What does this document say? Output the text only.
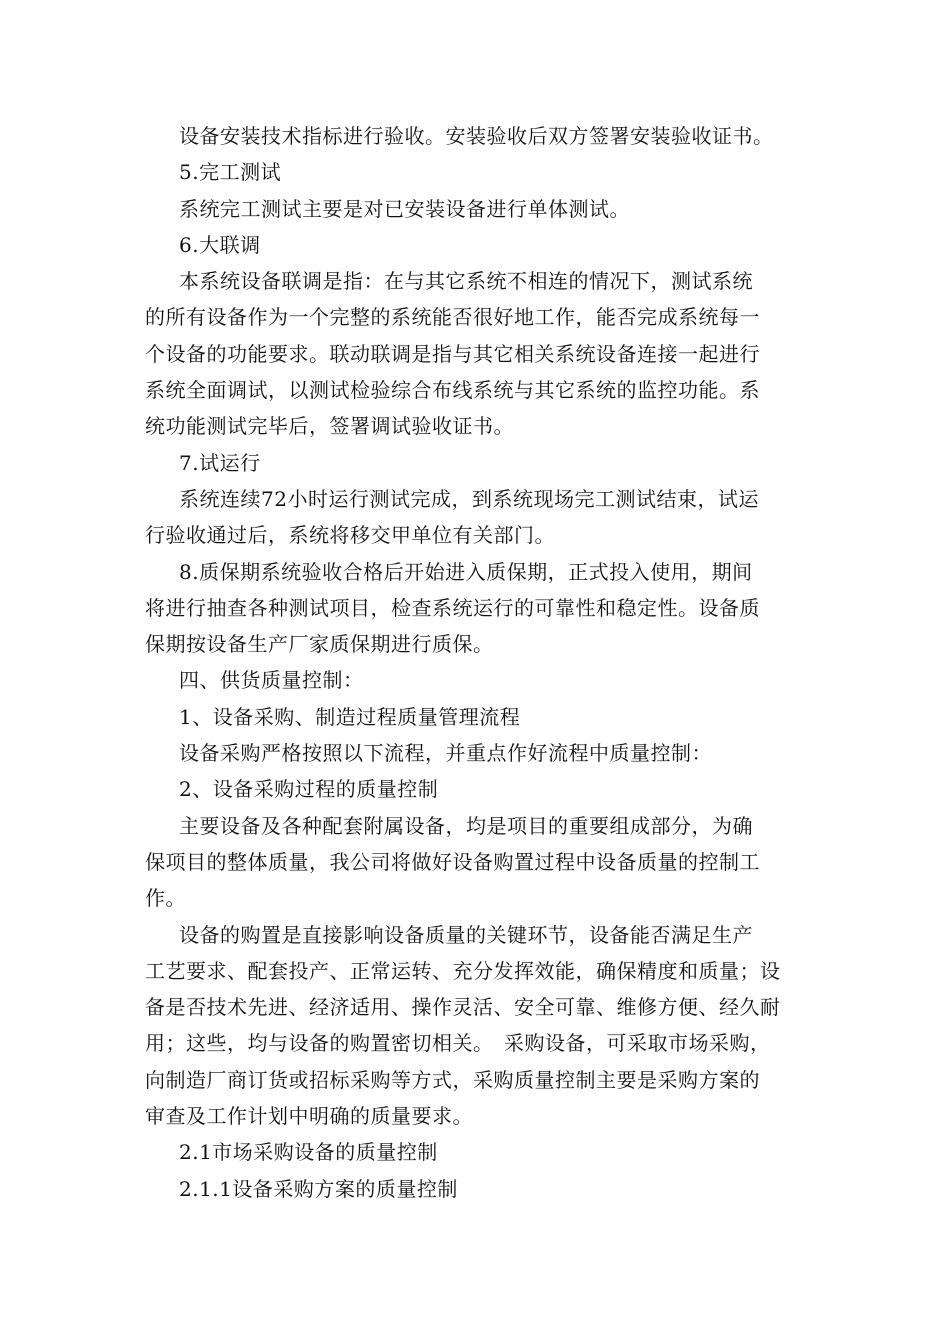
设备安装技术指标进行验收。安装验收后双方签署安装验收证书。
5.完工测试
系统完工测试主要是对已安装设备进行单体测试。
6.大联调
本系统设备联调是指：在与其它系统不相连的情况下，测试系统
的所有设备作为一个完整的系统能否很好地工作，能否完成系统每一
个设备的功能要求。联动联调是指与其它相关系统设备连接一起进行
系统全面调试，以测试检验综合布线系统与其它系统的监控功能。系
统功能测试完毕后，签署调试验收证书。
7.试运行
系统连续72小时运行测试完成，到系统现场完工测试结束，试运
行验收通过后，系统将移交甲单位有关部门。
8.质保期系统验收合格后开始进入质保期，正式投入使用，期间
将进行抽查各种测试项目，检查系统运行的可靠性和稳定性。设备质
保期按设备生产厂家质保期进行质保。
四、供货质量控制：
1、设备采购、制造过程质量管理流程
设备采购严格按照以下流程，并重点作好流程中质量控制：
2、设备采购过程的质量控制
主要设备及各种配套附属设备，均是项目的重要组成部分，为确
保项目的整体质量，我公司将做好设备购置过程中设备质量的控制工
作。
设备的购置是直接影响设备质量的关键环节，设备能否满足生产
工艺要求、配套投产、正常运转、充分发挥效能，确保精度和质量；设
备是否技术先进、经济适用、操作灵活、安全可靠、维修方便、经久耐
用；这些，均与设备的购置密切相关。　采购设备，可采取市场采购，
向制造厂商订货或招标采购等方式，采购质量控制主要是采购方案的
审查及工作计划中明确的质量要求。
2.1市场采购设备的质量控制
2.1.1设备采购方案的质量控制
